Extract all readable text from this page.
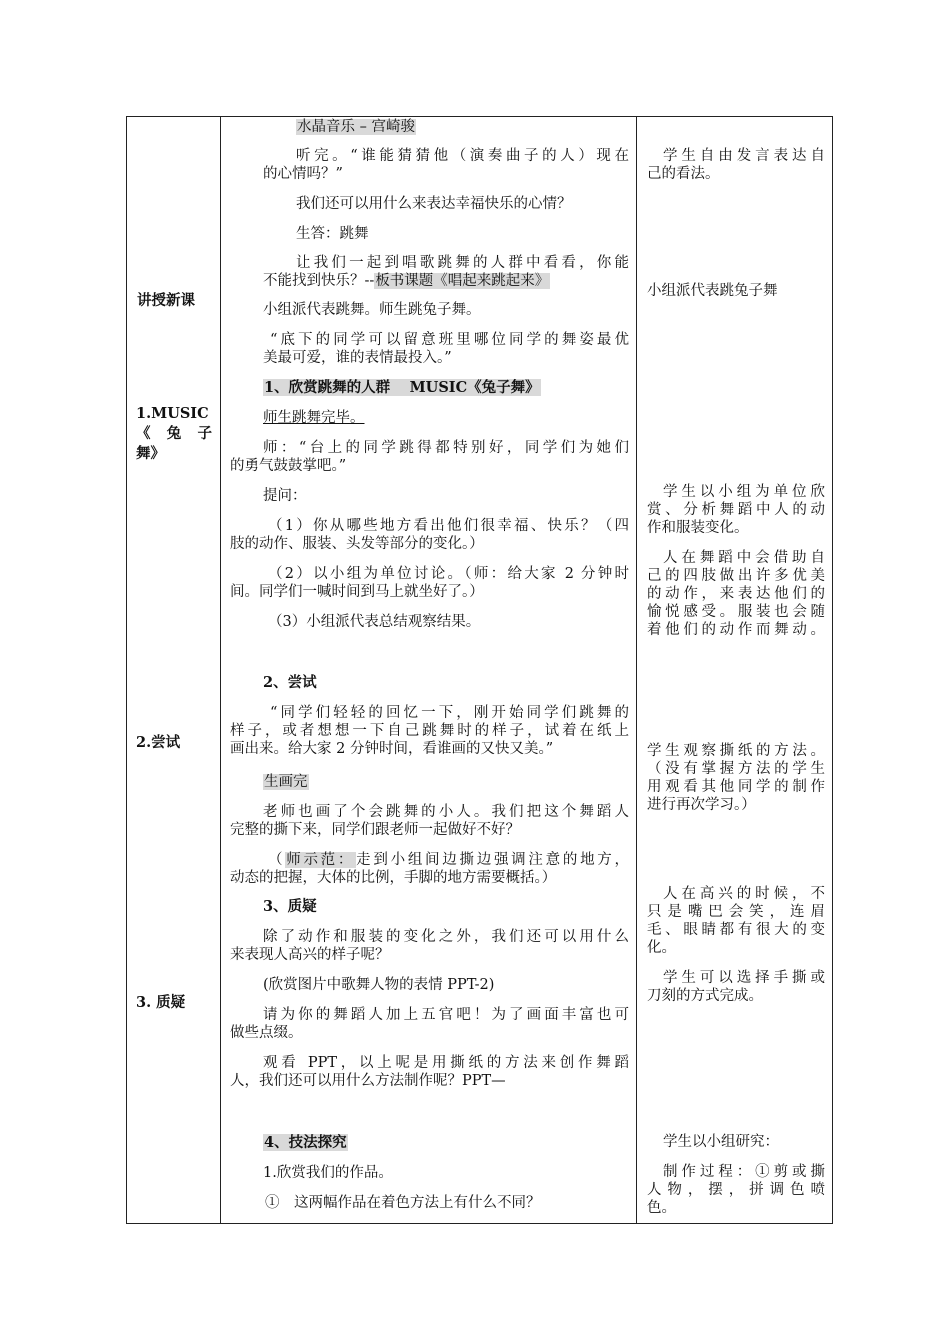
讲授新课
1.MUSIC《 兔 子 舞》
2.尝试
3. 质疑
水晶音乐 – 宫崎骏
听完。“谁能猜猜他（演奏曲子的人）现在
的心情吗？”
我们还可以用什么来表达幸福快乐的心情？
生答：跳舞
让我们一起到唱歌跳舞的人群中看看，你能
不能找到快乐？--板书课题《唱起来跳起来》
小组派代表跳舞。师生跳兔子舞。
“底下的同学可以留意班里哪位同学的舞姿最优
美最可爱，谁的表情最投入。”
1、欣赏跳舞的人群　 MUSIC《兔子舞》
师生跳舞完毕。
师：“台上的同学跳得都特别好，同学们为她们
的勇气鼓鼓掌吧。”
提问：
（1）你从哪些地方看出他们很幸福、快乐？（四
肢的动作、服装、头发等部分的变化。）
（2）以小组为单位讨论。（师：给大家 2 分钟时
间。同学们一喊时间到马上就坐好了。）
（3）小组派代表总结观察结果。
2、尝试
“同学们轻轻的回忆一下，刚开始同学们跳舞的
样子，或者想想一下自己跳舞时的样子，试着在纸上
画出来。给大家 2 分钟时间，看谁画的又快又美。”
生画完
老师也画了个会跳舞的小人。我们把这个舞蹈人
完整的撕下来，同学们跟老师一起做好不好？
（师示范：走到小组间边撕边强调注意的地方，
动态的把握，大体的比例，手脚的地方需要概括。）
3、质疑
除了动作和服装的变化之外，我们还可以用什么
来表现人高兴的样子呢？
(欣赏图片中歌舞人物的表情 PPT-2)
请为你的舞蹈人加上五官吧！为了画面丰富也可
做些点缀。
观看 PPT，以上呢是用撕纸的方法来创作舞蹈
人，我们还可以用什么方法制作呢？PPT—
4、技法探究
1.欣赏我们的作品。
①　这两幅作品在着色方法上有什么不同？
学生自由发言表达自
己的看法。
小组派代表跳兔子舞
学生以小组为单位欣
赏、分析舞蹈中人的动
作和服装变化。
人在舞蹈中会借助自
己的四肢做出许多优美
的动作，来表达他们的
愉悦感受。服装也会随
着他们的动作而舞动。
学生观察撕纸的方法。
（没有掌握方法的学生
用观看其他同学的制作
进行再次学习。）
人在高兴的时候，不
只是嘴巴会笑，连眉
毛、眼睛都有很大的变
化。
学生可以选择手撕或
刀刻的方式完成。
学生以小组研究：
制作过程：①剪或撕
人物，摆，拼调色喷
色。
